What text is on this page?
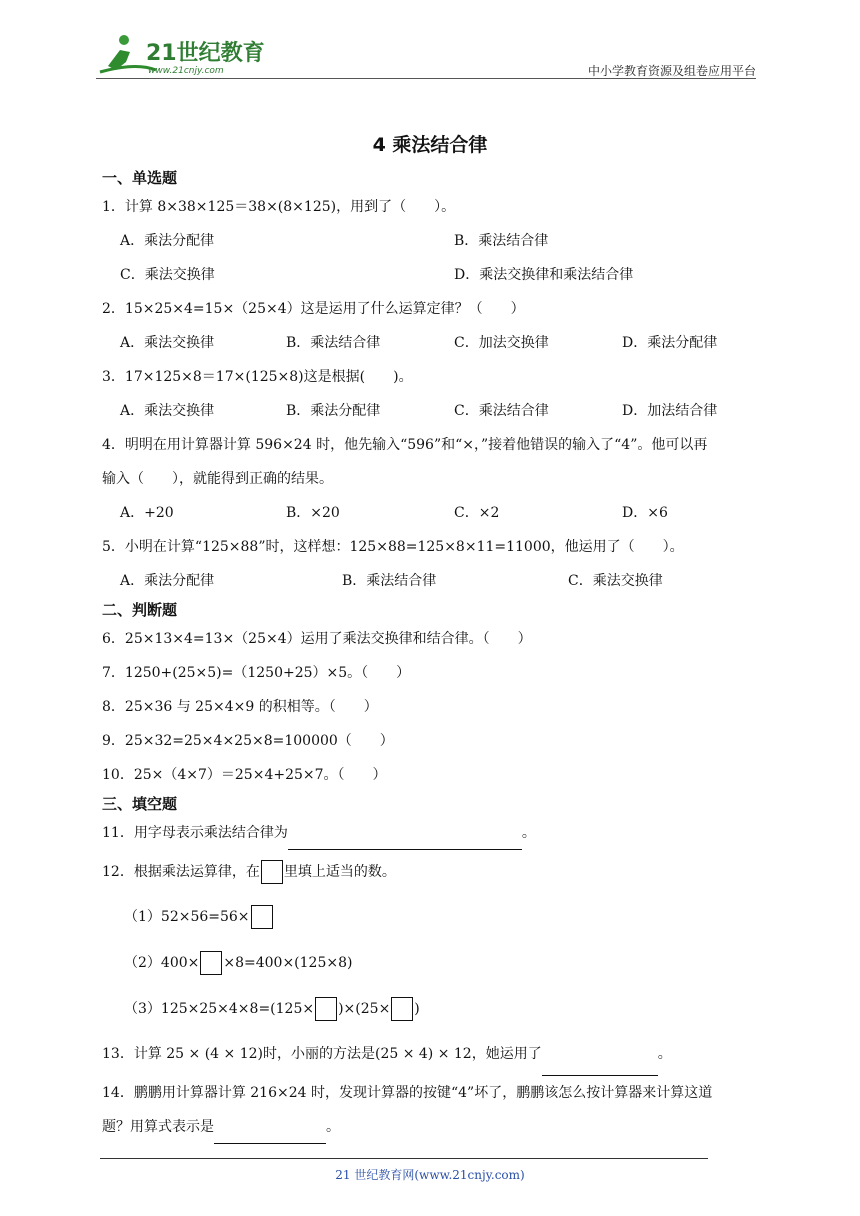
21世纪教育
www.21cnjy.com	中小学教育资源及组卷应用平台
4 乘法结合律
一、单选题
1．计算 8×38×125＝38×(8×125)，用到了（　　）。
A．乘法分配律	B．乘法结合律
C．乘法交换律	D．乘法交换律和乘法结合律
2．15×25×4=15×（25×4）这是运用了什么运算定律？（　　）
A．乘法交换律	B．乘法结合律	C．加法交换律	D．乘法分配律
3．17×125×8＝17×(125×8)这是根据(　　)。
A．乘法交换律	B．乘法分配律	C．乘法结合律	D．加法结合律
4．明明在用计算器计算 596×24 时，他先输入“596”和“×，”接着他错误的输入了“4”。他可以再
输入（　　），就能得到正确的结果。
A．+20	B．×20	C．×2	D．×6
5．小明在计算“125×88”时，这样想：125×88=125×8×11=11000，他运用了（　　）。
A．乘法分配律	B．乘法结合律	C．乘法交换律
二、判断题
6．25×13×4=13×（25×4）运用了乘法交换律和结合律。（　　）
7．1250+(25×5)=（1250+25）×5。（　　）
8．25×36 与 25×4×9 的积相等。（　　）
9．25×32=25×4×25×8=100000（　　）
10．25×（4×7）＝25×4+25×7。（　　）
三、填空题
11．用字母表示乘法结合律为	。
12．根据乘法运算律，在 里填上适当的数。
（1）52×56=56×
（2）400× ×8=400×(125×8)
（3）125×25×4×8=(125× )×(25× )
13．计算 25 × (4 × 12)时，小丽的方法是(25 × 4) × 12，她运用了	。
14．鹏鹏用计算器计算 216×24 时，发现计算器的按键“4”坏了，鹏鹏该怎么按计算器来计算这道
题？用算式表示是	。
21 世纪教育网(www.21cnjy.com)
